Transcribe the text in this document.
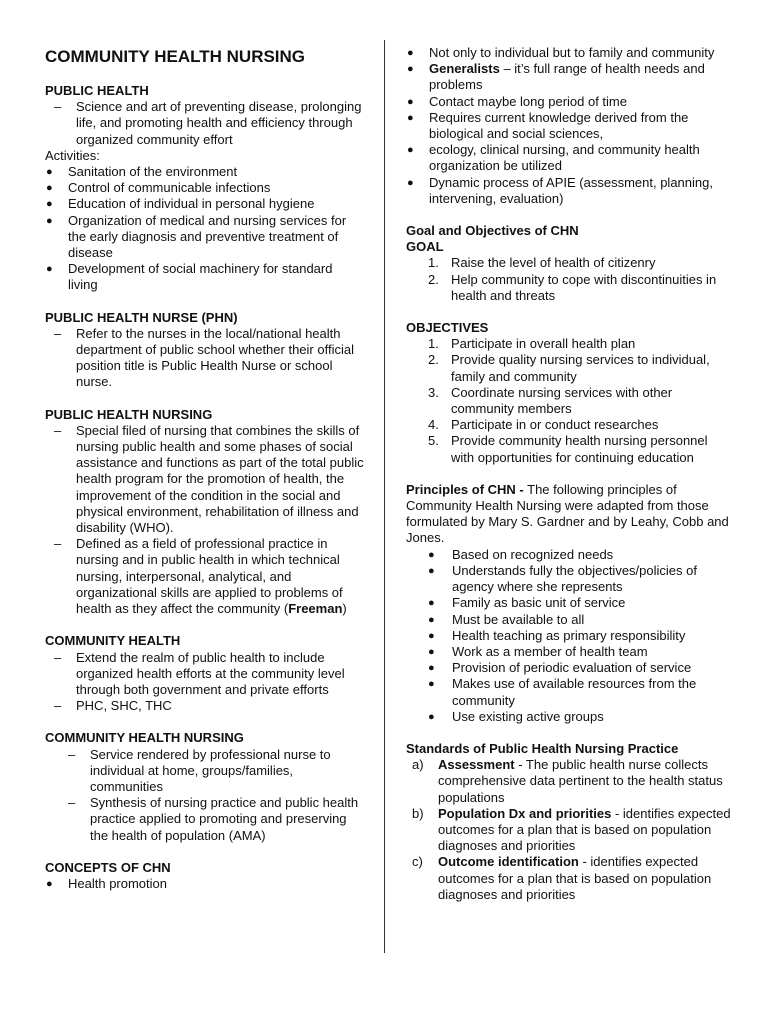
COMMUNITY HEALTH NURSING
PUBLIC HEALTH
– Science and art of preventing disease, prolonging life, and promoting health and efficiency through organized community effort
Activities:
● Sanitation of the environment
● Control of communicable infections
● Education of individual in personal hygiene
● Organization of medical and nursing services for the early diagnosis and preventive treatment of disease
● Development of social machinery for standard living
PUBLIC HEALTH NURSE (PHN)
– Refer to the nurses in the local/national health department of public school whether their official position title is Public Health Nurse or school nurse.
PUBLIC HEALTH NURSING
– Special filed of nursing that combines the skills of nursing public health and some phases of social assistance and functions as part of the total public health program for the promotion of health, the improvement of the condition in the social and physical environment, rehabilitation of illness and disability (WHO).
– Defined as a field of professional practice in nursing and in public health in which technical nursing, interpersonal, analytical, and organizational skills are applied to problems of health as they affect the community (Freeman)
COMMUNITY HEALTH
– Extend the realm of public health to include organized health efforts at the community level through both government and private efforts
– PHC, SHC, THC
COMMUNITY HEALTH NURSING
– Service rendered by professional nurse to individual at home, groups/families, communities
– Synthesis of nursing practice and public health practice applied to promoting and preserving the health of population (AMA)
CONCEPTS OF CHN
● Health promotion
● Not only to individual but to family and community
● Generalists – it’s full range of health needs and problems
● Contact maybe long period of time
● Requires current knowledge derived from the biological and social sciences,
● ecology, clinical nursing, and community health organization be utilized
● Dynamic process of APIE (assessment, planning, intervening, evaluation)
Goal and Objectives of CHN
GOAL
1. Raise the level of health of citizenry
2. Help community to cope with discontinuities in health and threats
OBJECTIVES
1. Participate in overall health plan
2. Provide quality nursing services to individual, family and community
3. Coordinate nursing services with other community members
4. Participate in or conduct researches
5. Provide community health nursing personnel with opportunities for continuing education
Principles of CHN - The following principles of Community Health Nursing were adapted from those formulated by Mary S. Gardner and by Leahy, Cobb and Jones.
● Based on recognized needs
● Understands fully the objectives/policies of agency where she represents
● Family as basic unit of service
● Must be available to all
● Health teaching as primary responsibility
● Work as a member of health team
● Provision of periodic evaluation of service
● Makes use of available resources from the community
● Use existing active groups
Standards of Public Health Nursing Practice
a) Assessment - The public health nurse collects comprehensive data pertinent to the health status populations
b) Population Dx and priorities - identifies expected outcomes for a plan that is based on population diagnoses and priorities
c) Outcome identification - identifies expected outcomes for a plan that is based on population diagnoses and priorities
